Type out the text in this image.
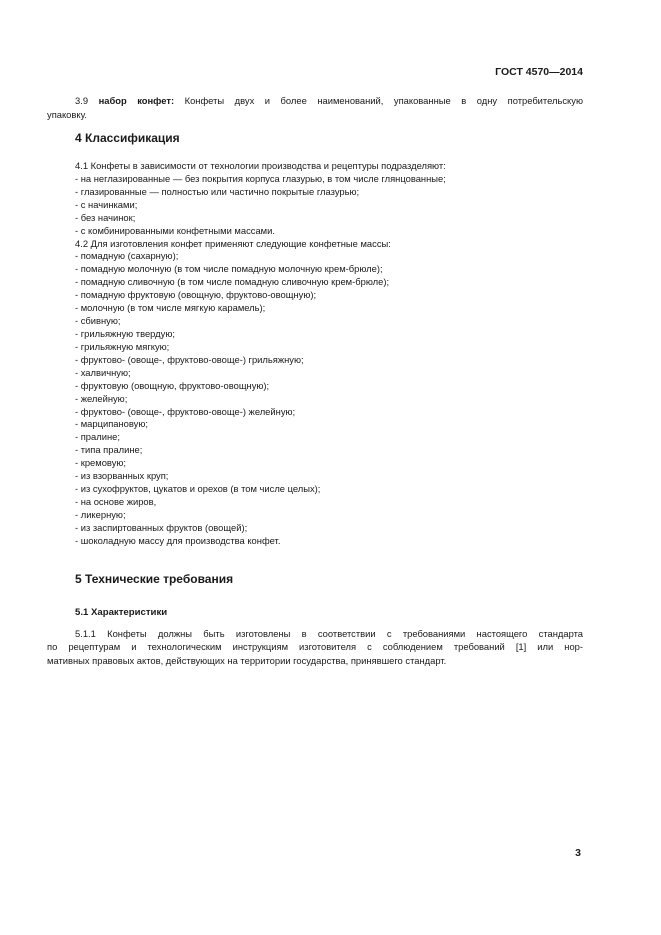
ГОСТ 4570—2014
3.9 набор конфет: Конфеты двух и более наименований, упакованные в одну потребительскую
упаковку.
4 Классификация
4.1 Конфеты в зависимости от технологии производства и рецептуры подразделяют:
- на неглазированные — без покрытия корпуса глазурью, в том числе глянцованные;
- глазированные — полностью или частично покрытые глазурью;
- с начинками;
- без начинок;
- с комбинированными конфетными массами.
4.2 Для изготовления конфет применяют следующие конфетные массы:
- помадную (сахарную);
- помадную молочную (в том числе помадную молочную крем-брюле);
- помадную сливочную (в том числе помадную сливочную крем-брюле);
- помадную фруктовую (овощную, фруктово-овощную);
- молочную (в том числе мягкую карамель);
- сбивную;
- грильяжную твердую;
- грильяжную мягкую;
- фруктово- (овоще-, фруктово-овоще-) грильяжную;
- халвичную;
- фруктовую (овощную, фруктово-овощную);
- желейную;
- фруктово- (овоще-, фруктово-овоще-) желейную;
- марципановую;
- пралине;
- типа пралине;
- кремовую;
- из взорванных круп;
- из сухофруктов, цукатов и орехов (в том числе целых);
- на основе жиров,
- ликерную;
- из заспиртованных фруктов (овощей);
- шоколадную массу для производства конфет.
5 Технические требования
5.1 Характеристики
5.1.1 Конфеты должны быть изготовлены в соответствии с требованиями настоящего стандарта
по рецептурам и технологическим инструкциям изготовителя с соблюдением требований [1] или нор-
мативных правовых актов, действующих на территории государства, принявшего стандарт.
3
